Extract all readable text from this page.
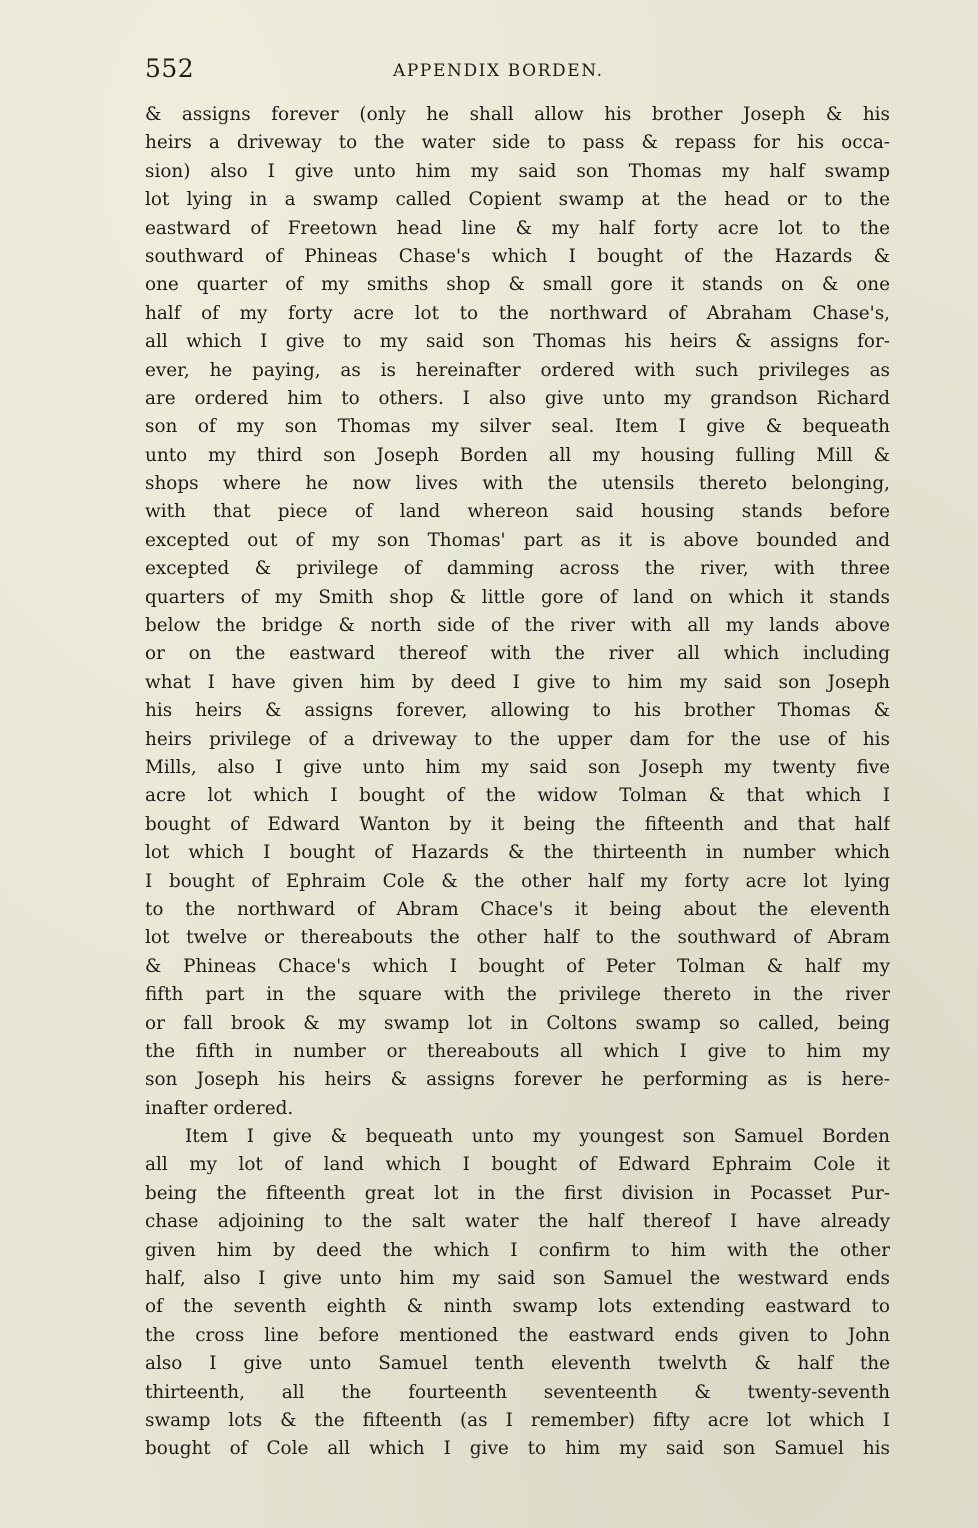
552	APPENDIX BORDEN.
& assigns forever (only he shall allow his brother Joseph & his
heirs a driveway to the water side to pass & repass for his occa-
sion) also I give unto him my said son Thomas my half swamp
lot lying in a swamp called Copient swamp at the head or to the
eastward of Freetown head line & my half forty acre lot to the
southward of Phineas Chase's which I bought of the Hazards &
one quarter of my smiths shop & small gore it stands on & one
half of my forty acre lot to the northward of Abraham Chase's,
all which I give to my said son Thomas his heirs & assigns for-
ever, he paying, as is hereinafter ordered with such privileges as
are ordered him to others. I also give unto my grandson Richard
son of my son Thomas my silver seal. Item I give & bequeath
unto my third son Joseph Borden all my housing fulling Mill &
shops where he now lives with the utensils thereto belonging,
with that piece of land whereon said housing stands before
excepted out of my son Thomas' part as it is above bounded and
excepted & privilege of damming across the river, with three
quarters of my Smith shop & little gore of land on which it stands
below the bridge & north side of the river with all my lands above
or on the eastward thereof with the river all which including
what I have given him by deed I give to him my said son Joseph
his heirs & assigns forever, allowing to his brother Thomas &
heirs privilege of a driveway to the upper dam for the use of his
Mills, also I give unto him my said son Joseph my twenty five
acre lot which I bought of the widow Tolman & that which I
bought of Edward Wanton by it being the fifteenth and that half
lot which I bought of Hazards & the thirteenth in number which
I bought of Ephraim Cole & the other half my forty acre lot lying
to the northward of Abram Chace's it being about the eleventh
lot twelve or thereabouts the other half to the southward of Abram
& Phineas Chace's which I bought of Peter Tolman & half my
fifth part in the square with the privilege thereto in the river
or fall brook & my swamp lot in Coltons swamp so called, being
the fifth in number or thereabouts all which I give to him my
son Joseph his heirs & assigns forever he performing as is here-
inafter ordered.
Item I give & bequeath unto my youngest son Samuel Borden
all my lot of land which I bought of Edward Ephraim Cole it
being the fifteenth great lot in the first division in Pocasset Pur-
chase adjoining to the salt water the half thereof I have already
given him by deed the which I confirm to him with the other
half, also I give unto him my said son Samuel the westward ends
of the seventh eighth & ninth swamp lots extending eastward to
the cross line before mentioned the eastward ends given to John
also I give unto Samuel tenth eleventh twelvth & half the
thirteenth, all the fourteenth seventeenth & twenty-seventh
swamp lots & the fifteenth (as I remember) fifty acre lot which I
bought of Cole all which I give to him my said son Samuel his
